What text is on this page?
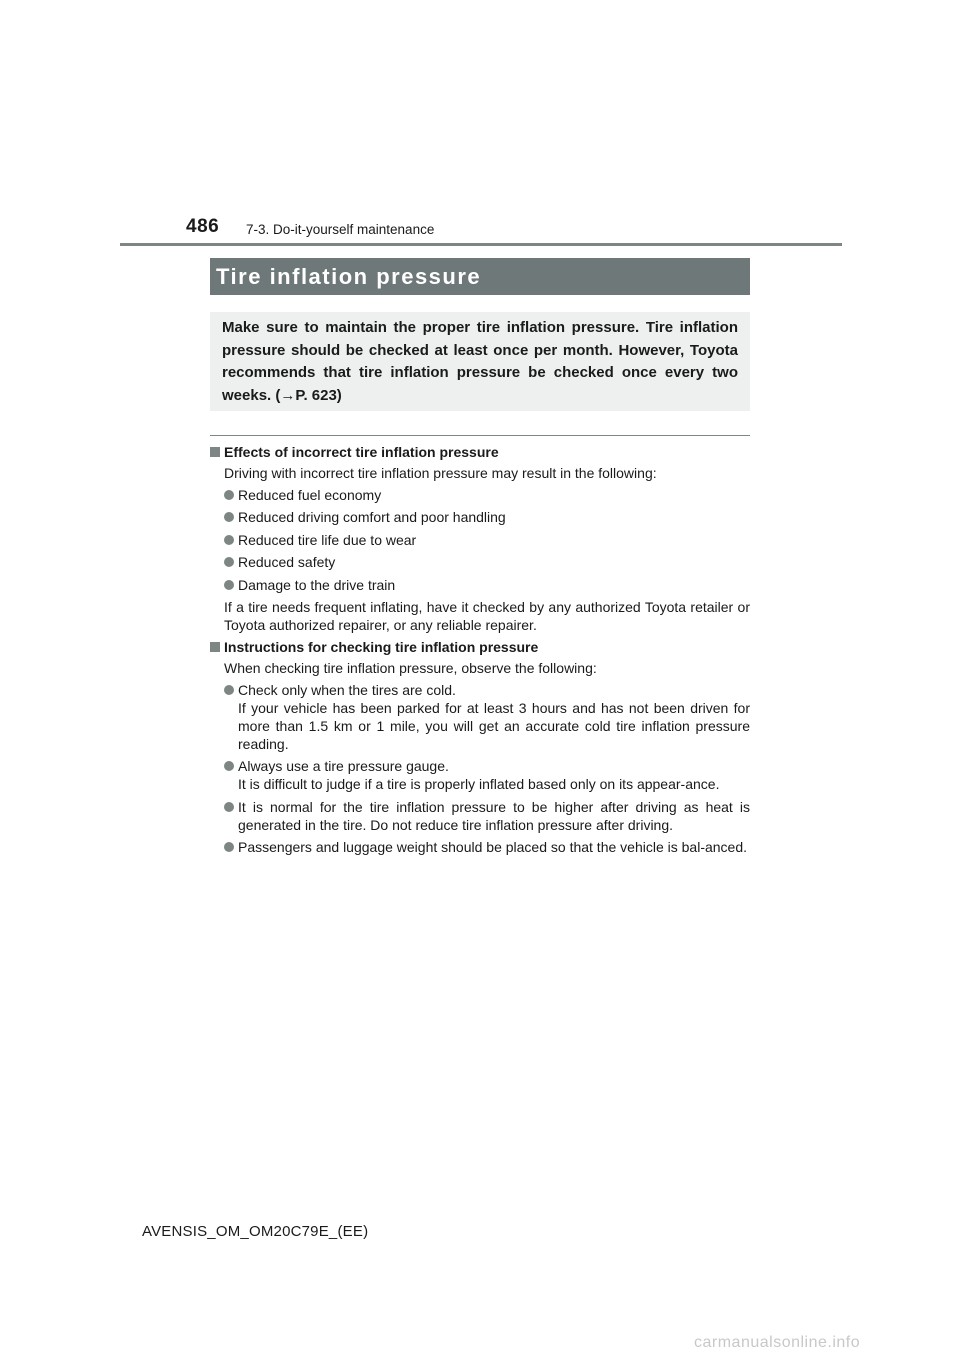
486 7-3. Do-it-yourself maintenance
Tire inflation pressure
Make sure to maintain the proper tire inflation pressure. Tire inflation pressure should be checked at least once per month. However, Toyota recommends that tire inflation pressure be checked once every two weeks. (→P. 623)
Effects of incorrect tire inflation pressure
Driving with incorrect tire inflation pressure may result in the following:
Reduced fuel economy
Reduced driving comfort and poor handling
Reduced tire life due to wear
Reduced safety
Damage to the drive train
If a tire needs frequent inflating, have it checked by any authorized Toyota retailer or Toyota authorized repairer, or any reliable repairer.
Instructions for checking tire inflation pressure
When checking tire inflation pressure, observe the following:
Check only when the tires are cold.
If your vehicle has been parked for at least 3 hours and has not been driven for more than 1.5 km or 1 mile, you will get an accurate cold tire inflation pressure reading.
Always use a tire pressure gauge.
It is difficult to judge if a tire is properly inflated based only on its appear-ance.
It is normal for the tire inflation pressure to be higher after driving as heat is generated in the tire. Do not reduce tire inflation pressure after driving.
Passengers and luggage weight should be placed so that the vehicle is bal-anced.
AVENSIS_OM_OM20C79E_(EE)
carmanualsonline.info
